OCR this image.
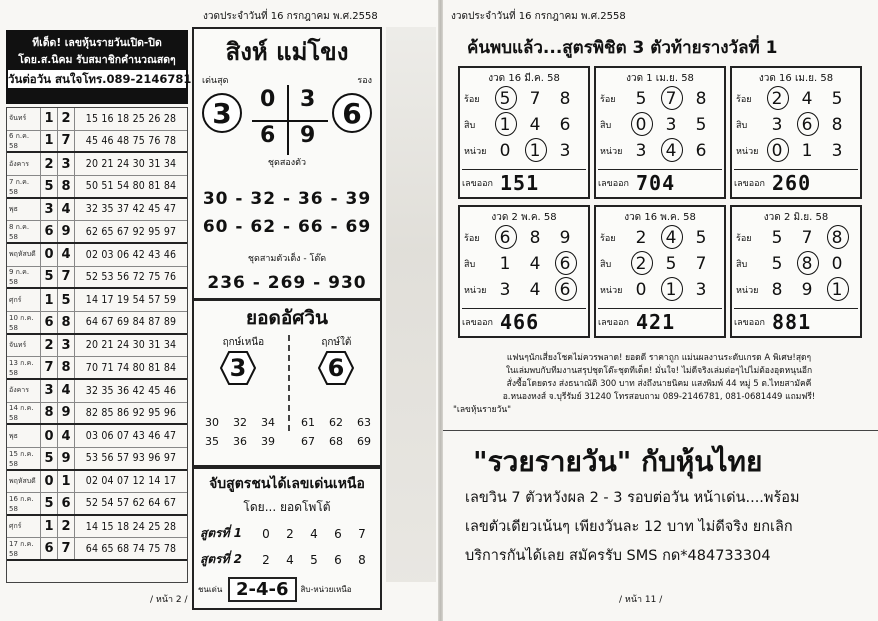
งวดประจำวันที่ 16 กรกฎาคม พ.ศ.2558
ทีเด็ด! เลขหุ้นรายวันเปิด-ปิด
โดย.ส.นิคม รับสมาชิกคำนวณสดๆ
วันต่อวัน สนใจโทร.089-2146781
จันทร์	1 2	15 16 18 25 26 28
6 ก.ค. 58	1 7	45 46 48 75 76 78
อังคาร	2 3	20 21 24 30 31 34
7 ก.ค. 58	5 8	50 51 54 80 81 84
พุธ	3 4	32 35 37 42 45 47
8 ก.ค. 58	6 9	62 65 67 92 95 97
พฤหัสบดี 0 4	02 03 06 42 43 46
9 ก.ค. 58	5 7	52 53 56 72 75 76
ศุกร์	1 5	14 17 19 54 57 59
10 ก.ค. 58	6 8	64 67 69 84 87 89
จันทร์	2 3	20 21 24 30 31 34
13 ก.ค. 58	7 8	70 71 74 80 81 84
อังคาร	3 4	32 35 36 42 45 46
14 ก.ค. 58	8 9	82 85 86 92 95 96
พุธ	0 4	03 06 07 43 46 47
15 ก.ค. 58	5 9	53 56 57 93 96 97
พฤหัสบดี 0 1	02 04 07 12 14 17
16 ก.ค. 58	5 6	52 54 57 62 64 67
ศุกร์	1 2	14 15 18 24 25 28
17 ก.ค. 58	6 7	64 65 68 74 75 78
สิงห์ แม่โขง
เด่นสุด	รอง
3	6
0 3
6 9
ชุดสองตัว
30 - 32 - 36 - 39
60 - 62 - 66 - 69
ชุดสามตัวเต็ง - โต๊ด
236 - 269 - 930
ยอดอัศวิน
ฤกษ์เหนือ	ฤกษ์ใต้
3	6
30	32	34
35	36	39
61	62	63
67	68	69
จับสูตรชนได้เลขเด่นเหนือ
โดย... ยอดโพโต้
สูตรที่ 1	0	2	4	6	7
สูตรที่ 2	2	4	5	6	8
ชนเด่น 2-4-6	สิบ-หน่วยเหนือ
/ หน้า 2 /
งวดประจำวันที่ 16 กรกฎาคม พ.ศ.2558
ค้นพบแล้ว...สูตรพิชิต 3 ตัวท้ายรางวัลที่ 1
งวด 16 มี.ค. 58
ร้อย	5	7	8
สิบ	1	4	6
หน่วย 0	1	3
เลขออก 151
งวด 1 เม.ย. 58
ร้อย	5	7	8
สิบ	0	3	5
หน่วย 3	4	6
เลขออก 704
งวด 16 เม.ย. 58
ร้อย	2	4	5
สิบ	3	6	8
หน่วย 0	1	3
เลขออก 260
งวด 2 พ.ค. 58
ร้อย	6	8	9
สิบ	1	4	6
หน่วย 3	4	6
เลขออก 466
งวด 16 พ.ค. 58
ร้อย	2	4	5
สิบ	2	5	7
หน่วย 0	1	3
เลขออก 421
งวด 2 มิ.ย. 58
ร้อย	5	7	8
สิบ	5	8	0
หน่วย 8	9	1
เลขออก 881
แฟนๆนักเสี่ยงโชคไม่ควรพลาด! ยอดดี ราคาถูก แม่นผลงานระดับเกรด A พิเศษ!สุดๆ
ในเล่มพบกับทีมงานสรุปชุดโต๊ะชุดทีเด็ด! มั่นใจ! ไม่ดีจริงเล่มต่อๆไปไม่ต้องอุดหนุนอีก
สั่งซื้อโดยตรง ส่งธนาณัติ 300 บาท ส่งถึงนายนิคม แสงพิมพ์ 44 หมู่ 5 ต.ไทยสามัคคี
อ.หนองหงส์ จ.บุรีรัมย์ 31240 โทรสอบถาม 089-2146781, 081-0681449 แถมฟรี!
"เลขหุ้นรายวัน"
"รวยรายวัน" กับหุ้นไทย
เลขวิน 7 ตัวหวังผล 2 - 3 รอบต่อวัน หน้าเด่น....พร้อม
เลขตัวเดียวเน้นๆ เพียงวันละ 12 บาท ไม่ดีจริง ยกเลิก
บริการกันได้เลย สมัครรับ SMS กด*484733304
/ หน้า 11 /
